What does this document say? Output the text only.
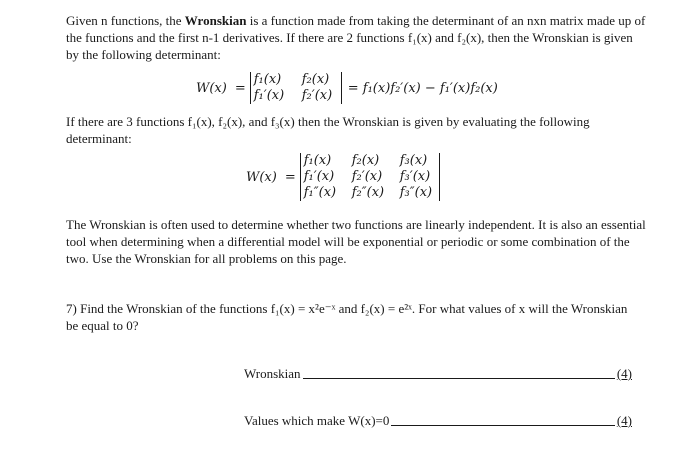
Given n functions, the Wronskian is a function made from taking the determinant of an nxn matrix made up of the functions and the first n-1 derivatives. If there are 2 functions f₁(x) and f₂(x), then the Wronskian is given by the following determinant:
W(x) =
f₁(x)	f₂(x)
f₁′(x)	f₂′(x)	= f₁(x)f₂′(x) − f₁′(x)f₂(x)
If there are 3 functions f₁(x), f₂(x), and f₃(x) then the Wronskian is given by evaluating the following determinant:
W(x) =
f₁(x)	f₂(x)	f₃(x)
f₁′(x)	f₂′(x)	f₃′(x)
f₁″(x) f₂″(x) f₃″(x)
The Wronskian is often used to determine whether two functions are linearly independent. It is also an essential tool when determining when a differential model will be exponential or periodic or some combination of the two. Use the Wronskian for all problems on this page.
7) Find the Wronskian of the functions f₁(x) = x²e⁻ˣ and f₂(x) = e²ˣ. For what values of x will the Wronskian be equal to 0?
Wronskian	(4)
Values which make W(x)=0	(4)
